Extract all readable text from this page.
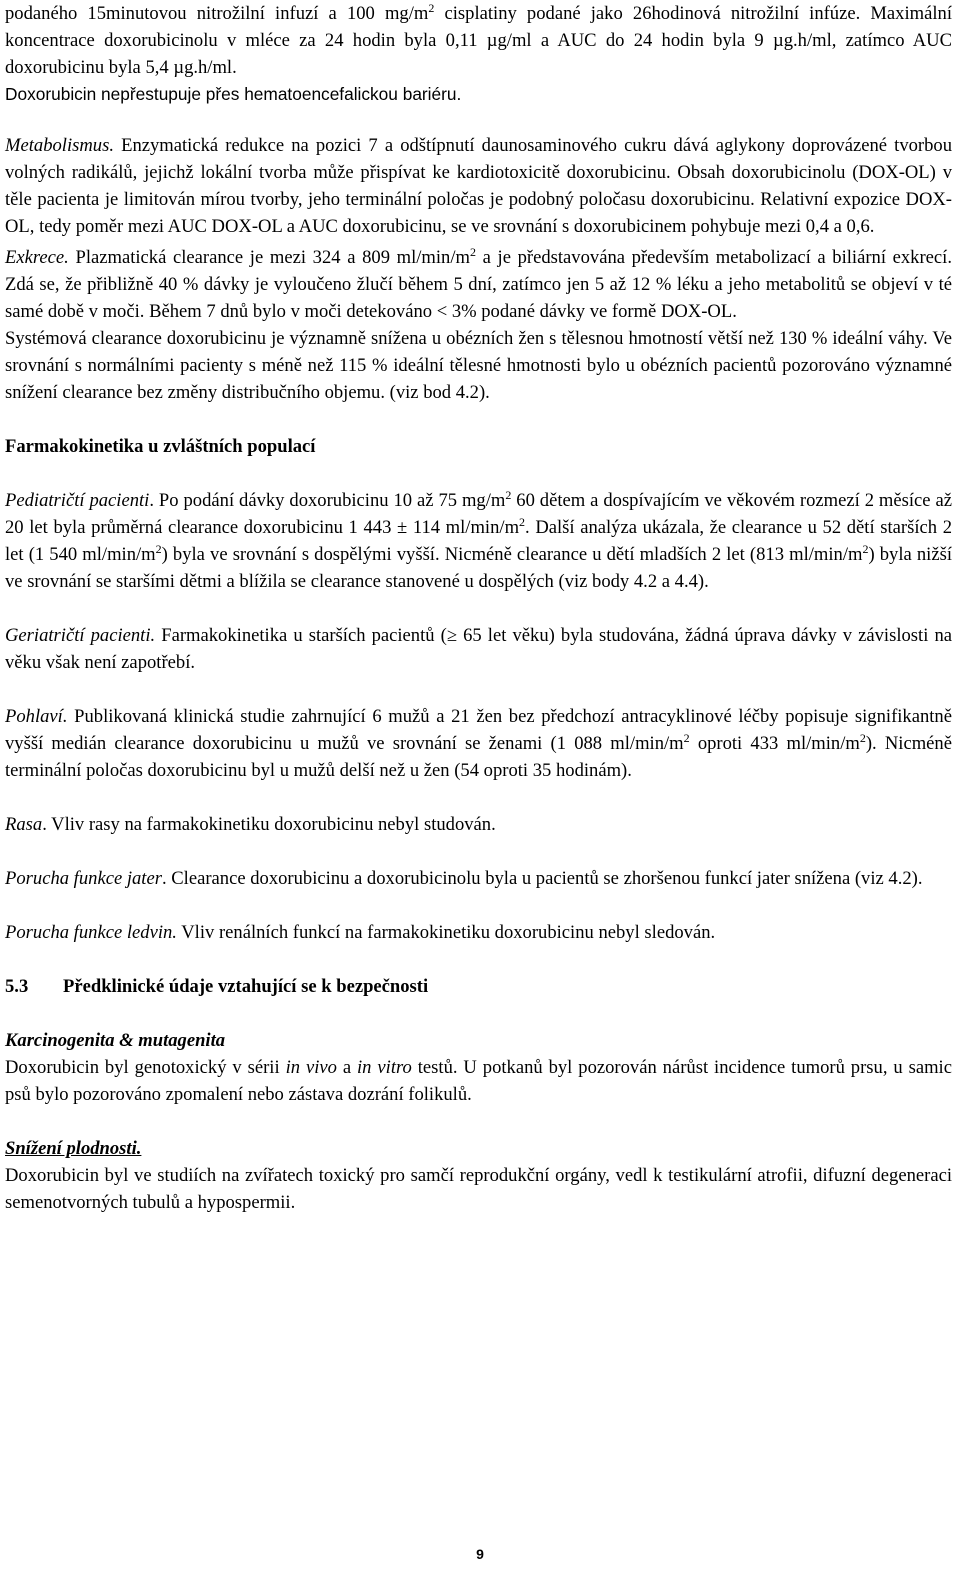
podaného 15minutovou nitrožilní infuzí a 100 $mg/m^2$ cisplatiny podané jako 26hodinová nitrožilní infúze. Maximální koncentrace doxorubicinolu v mléce za 24 hodin byla 0,11 µg/ml a AUC do 24 hodin byla 9 µg.h/ml, zatímco AUC doxorubicinu byla 5,4 µg.h/ml.
Doxorubicin nepřestupuje přes hematoencefalickou bariéru.

Metabolismus. Enzymatická redukce na pozici 7 a odštípnutí daunosaminového cukru dává aglykony doprovázené tvorbou volných radikálů, jejichž lokální tvorba může přispívat ke kardiotoxicitě doxorubicinu. Obsah doxorubicinolu (DOX-OL) v těle pacienta je limitován mírou tvorby, jeho terminální poločas je podobný poločasu doxorubicinu. Relativní expozice DOX-OL, tedy poměr mezi AUC DOX-OL a AUC doxorubicinu, se ve srovnání s doxorubicinem pohybuje mezi 0,4 a 0,6.

Exkrece. Plazmatická clearance je mezi 324 a 809 $ml/\min/m^2$ a je představována především metabolizací a biliární exkrecí. Zdá se, že přibližně 40 % dávky je vyloučeno žlučí během 5 dní, zatímco jen 5 až 12 % léku a jeho metabolitů se objeví v té samé době v moči. Během 7 dnů bylo v moči detekováno < 3% podané dávky ve formě DOX-OL.

Systémová clearance doxorubicinu je významně snížena u obézních žen s tělesnou hmotností větší než 130 % ideální váhy. Ve srovnání s normálními pacienty s méně než 115 % ideální tělesné hmotnosti bylo u obézních pacientů pozorováno významné snížení clearance bez změny distribučního objemu. (viz bod 4.2).

Farmakokinetika u zvláštních populací

Pediatričtí pacienti. Po podání dávky doxorubicinu 10 až 75 $mg/m^2$ 60 dětem a dospívajícím ve věkovém rozmezí 2 měsíce až 20 let byla průměrná clearance doxorubicinu 1 443 ± 114 $ml/\min/m^2$. Další analýza ukázala, že clearance u 52 dětí starších 2 let (1 540 $ml/\min/m^2$) byla ve srovnání s dospělými vyšší. Nicméně clearance u dětí mladších 2 let (813 $ml/\min/m^2$) byla nižší ve srovnání se staršími dětmi a blížila se clearance stanovené u dospělých (viz body 4.2 a 4.4).

Geriatričtí pacienti. Farmakokinetika u starších pacientů (≥ 65 let věku) byla studována, žádná úprava dávky v závislosti na věku však není zapotřebí.

Pohlaví. Publikovaná klinická studie zahrnující 6 mužů a 21 žen bez předchozí antracyklinové léčby popisuje signifikantně vyšší medián clearance doxorubicinu u mužů ve srovnání se ženami (1 088 $ml/\min/m^2$ oproti 433 $ml/\min/m^2$). Nicméně terminální poločas doxorubicinu byl u mužů delší než u žen (54 oproti 35 hodinám).

Rasa. Vliv rasy na farmakokinetiku doxorubicinu nebyl studován.

Porucha funkce jater. Clearance doxorubicinu a doxorubicinolu byla u pacientů se zhoršenou funkcí jater snížena (viz 4.2).

Porucha funkce ledvin. Vliv renálních funkcí na farmakokinetiku doxorubicinu nebyl sledován.

5.3	Předklinické údaje vztahující se k bezpečnosti

Karcinogenita & mutagenita

Doxorubicin byl genotoxický v sérii in vivo a in vitro testů. U potkanů byl pozorován nárůst incidence tumorů prsu, u samic psů bylo pozorováno zpomalení nebo zástava dozrání folikulů.

Snížení plodnosti.

Doxorubicin byl ve studiích na zvířatech toxický pro samčí reprodukční orgány, vedl k testikulární atrofii, difuzní degeneraci semenotvorných tubulů a hypospermii.

9
